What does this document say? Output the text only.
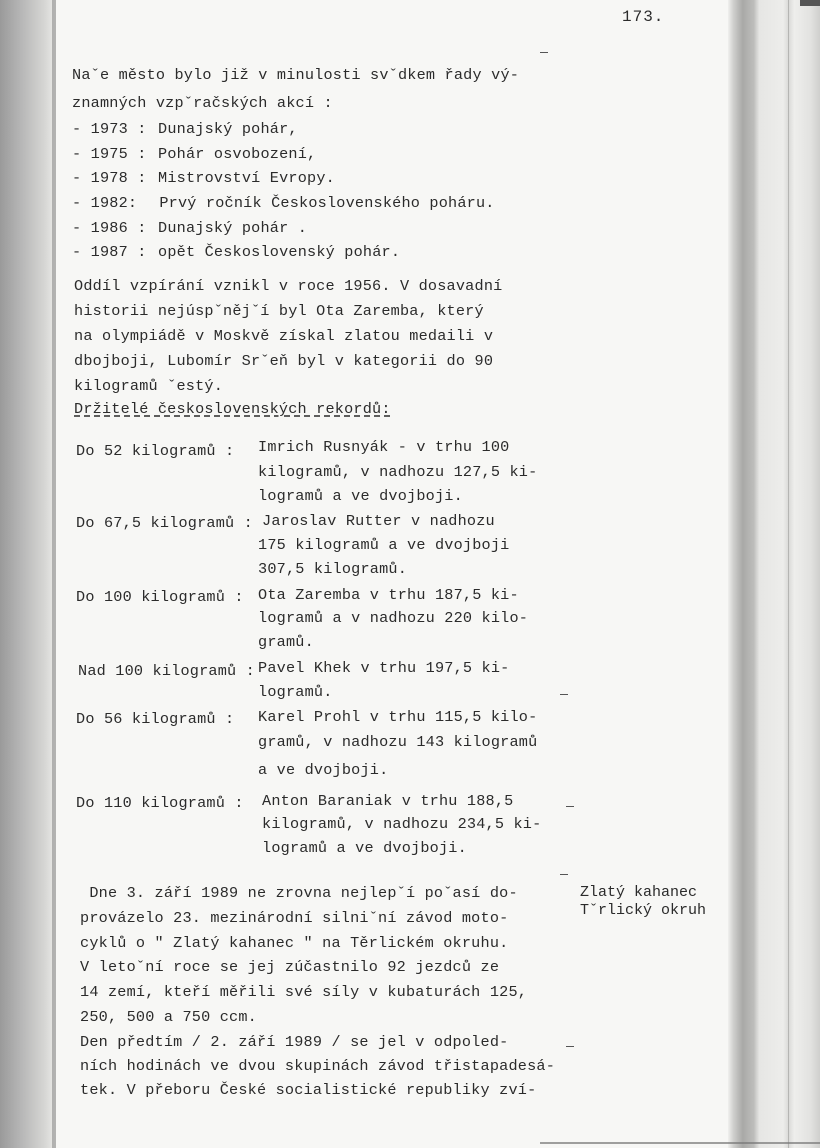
173.
Naˇe město bylo již v minulosti svˇdkem řady vý-
znamných vzpˇračských akcí :
- 1973 : Dunajský pohár,
- 1975 : Pohár osvobození,
- 1978 : Mistrovství Evropy.
- 1982: Prvý ročník Československého poháru.
- 1986 : Dunajský pohár .
- 1987 : opět Československý pohár.
Oddíl vzpírání vznikl v roce 1956. V dosavadní
historii nejúspˇnějˇí byl Ota Zaremba, který
na olympiádě v Moskvě získal zlatou medaili v
dbojboji, Lubomír Srˇeň byl v kategorii do 90
kilogramů ˇestý.
Držitelé československých rekordů:
Do 52 kilogramů : Imrich Rusnyák - v trhu 100
kilogramů, v nadhozu 127,5 ki-
logramů a ve dvojboji.
Do 67,5 kilogramů : Jaroslav Rutter v nadhozu
175 kilogramů a ve dvojboji
307,5 kilogramů.
Do 100 kilogramů : Ota Zaremba v trhu 187,5 ki-
logramů a v nadhozu 220 kilo-
gramů.
Nad 100 kilogramů : Pavel Khek v trhu 197,5 ki-
logramů.
Do 56 kilogramů : Karel Prohl v trhu 115,5 kilo-
gramů, v nadhozu 143 kilogramů
a ve dvojboji.
Do 110 kilogramů : Anton Baraniak v trhu 188,5
kilogramů, v nadhozu 234,5 ki-
logramů a ve dvojboji.
Dne 3. září 1989 ne zrovna nejlepˇí poˇasí do-
provázelo 23. mezinárodní silniˇní závod moto-
cyklů o " Zlatý kahanec " na Těrlickém okruhu.
V letoˇní roce se jej zúčastnilo 92 jezdců ze
14 zemí, kteří měřili své síly v kubaturách 125,
250, 500 a 750 ccm.
Den předtím / 2. září 1989 / se jel v odpoled-
ních hodinách ve dvou skupinách závod třistapadesá-
tek. V přeboru České socialistické republiky zví-
Zlatý kahanec
Tˇrlický okruh
